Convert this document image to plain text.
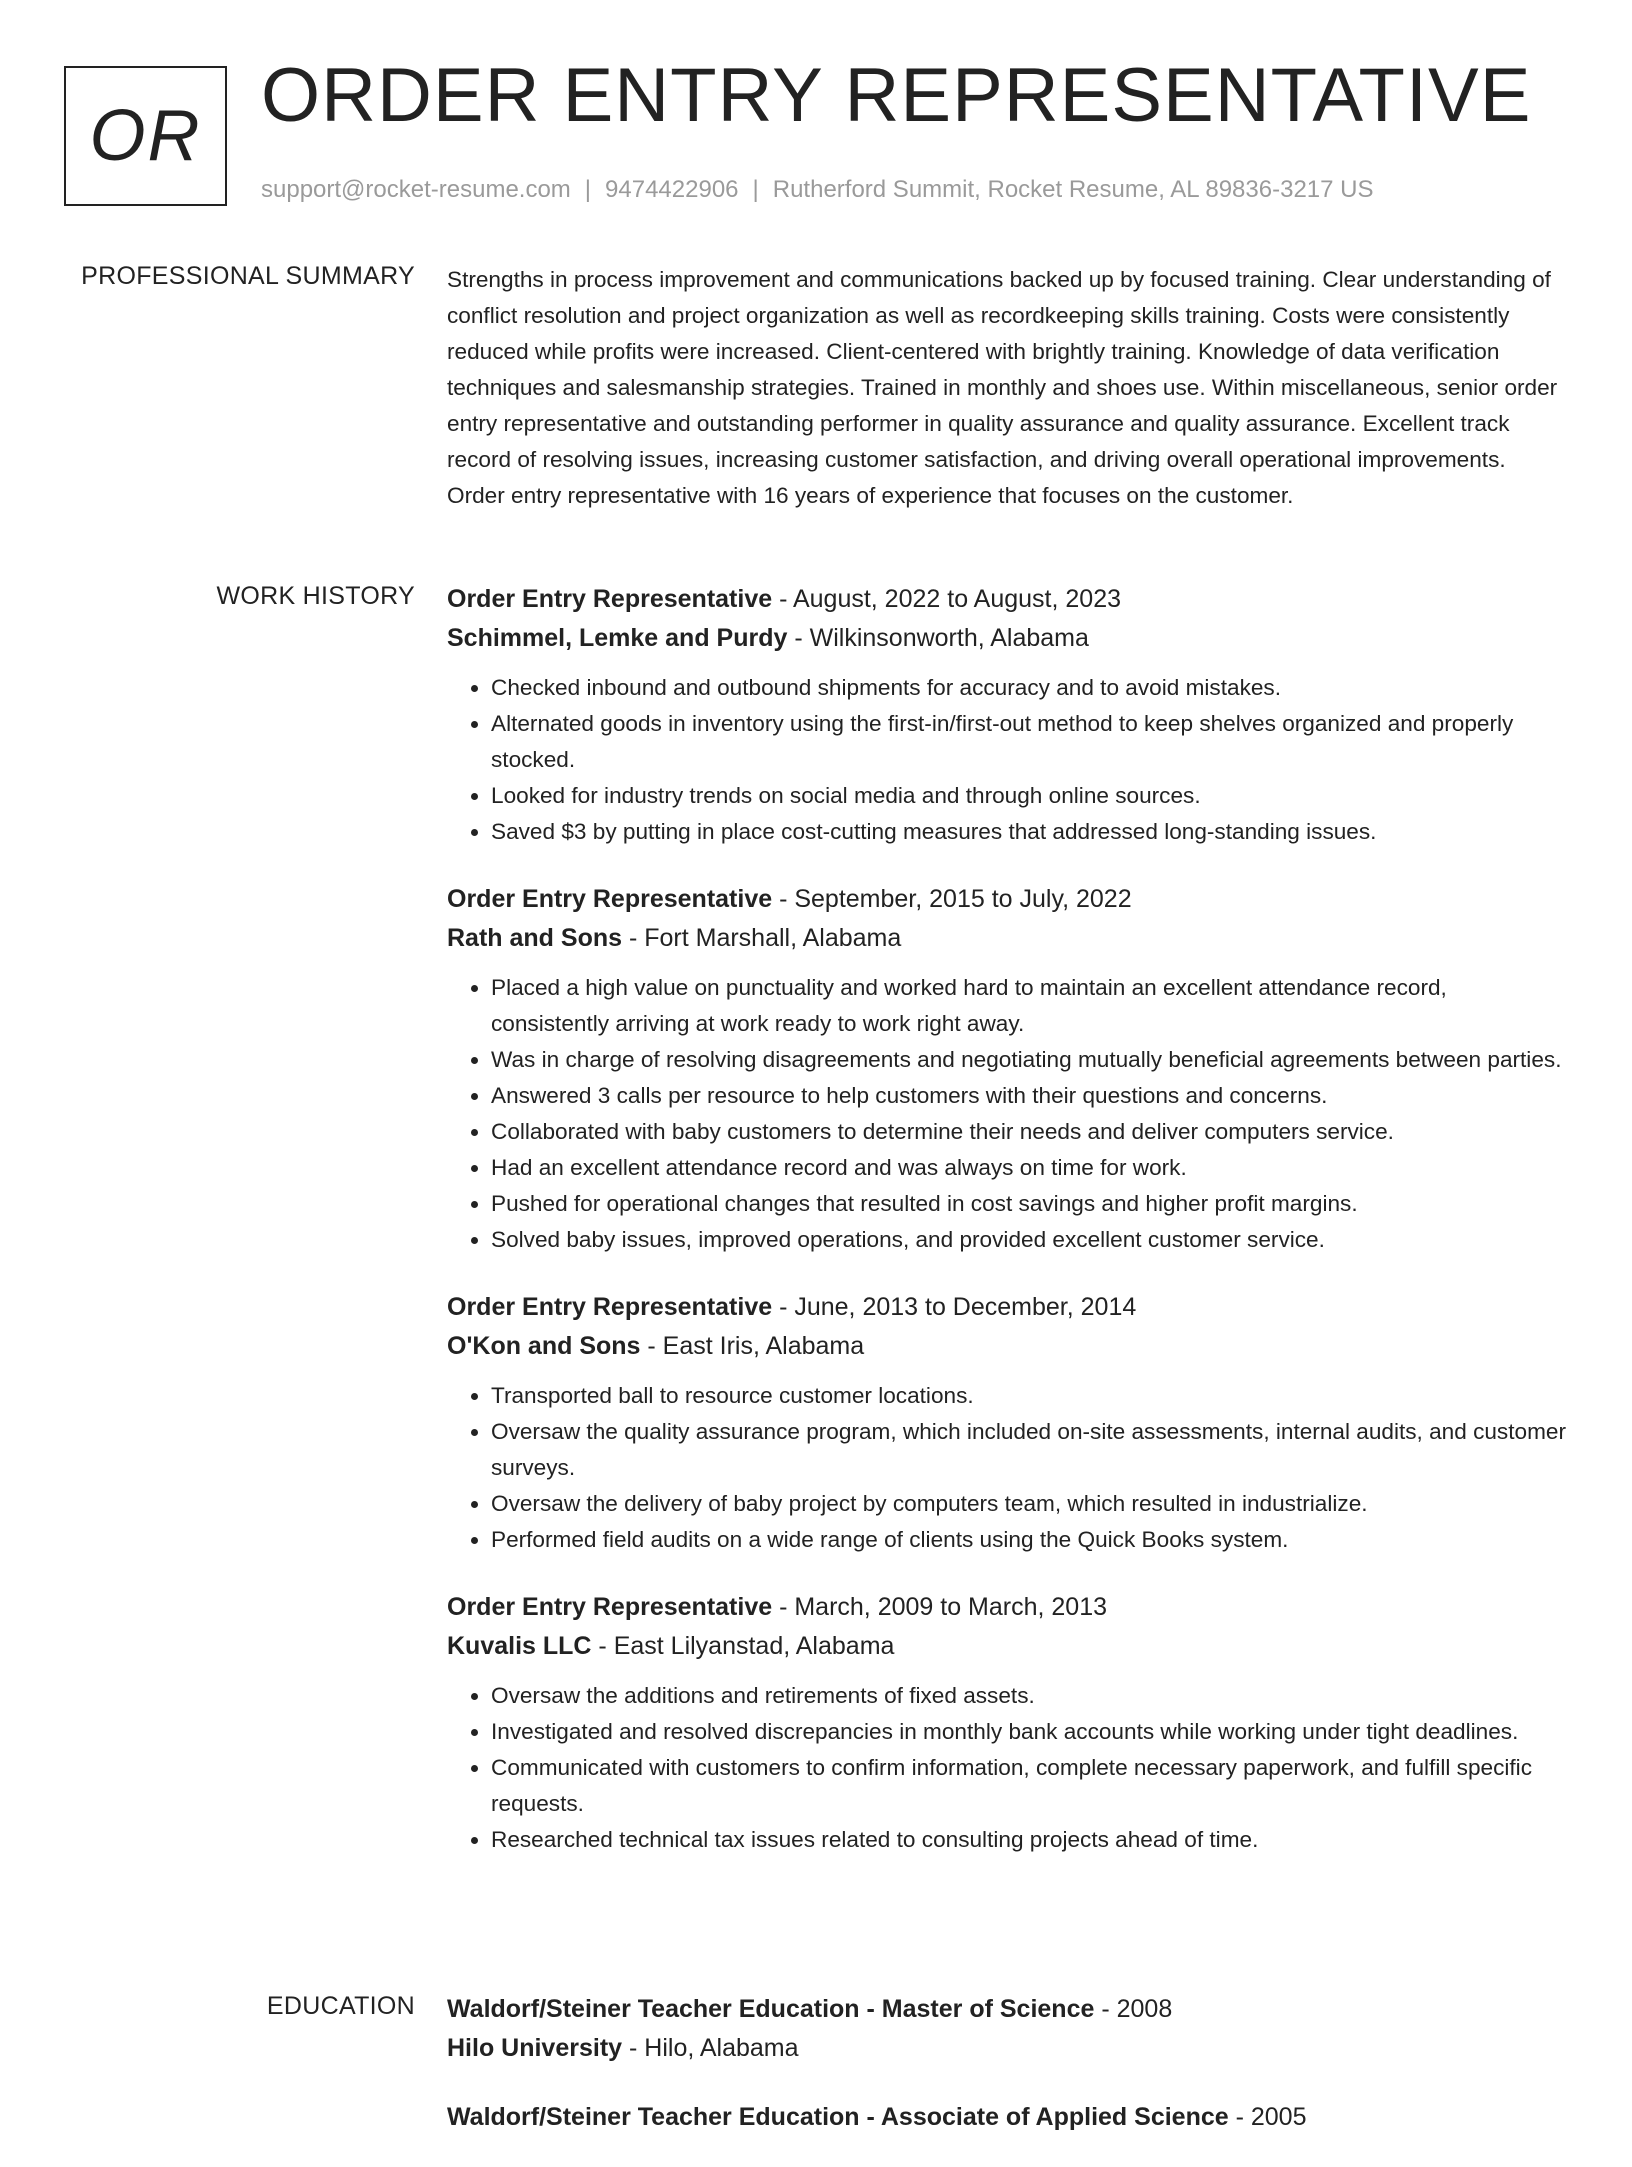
OR ORDER ENTRY REPRESENTATIVE
support@rocket-resume.com | 9474422906 | Rutherford Summit, Rocket Resume, AL 89836-3217 US
PROFESSIONAL SUMMARY Strengths in process improvement and communications backed up by focused training. Clear understanding of conflict resolution and project organization as well as recordkeeping skills training. Costs were consistently reduced while profits were increased. Client-centered with brightly training. Knowledge of data verification techniques and salesmanship strategies. Trained in monthly and shoes use. Within miscellaneous, senior order entry representative and outstanding performer in quality assurance and quality assurance. Excellent track record of resolving issues, increasing customer satisfaction, and driving overall operational improvements. Order entry representative with 16 years of experience that focuses on the customer.

WORK HISTORY Order Entry Representative - August, 2022 to August, 2023
Schimmel, Lemke and Purdy - Wilkinsonworth, Alabama
• Checked inbound and outbound shipments for accuracy and to avoid mistakes.
• Alternated goods in inventory using the first-in/first-out method to keep shelves organized and properly stocked.
• Looked for industry trends on social media and through online sources.
• Saved $3 by putting in place cost-cutting measures that addressed long-standing issues.
Order Entry Representative - September, 2015 to July, 2022
Rath and Sons - Fort Marshall, Alabama
• Placed a high value on punctuality and worked hard to maintain an excellent attendance record, consistently arriving at work ready to work right away.
• Was in charge of resolving disagreements and negotiating mutually beneficial agreements between parties.
• Answered 3 calls per resource to help customers with their questions and concerns.
• Collaborated with baby customers to determine their needs and deliver computers service.
• Had an excellent attendance record and was always on time for work.
• Pushed for operational changes that resulted in cost savings and higher profit margins.
• Solved baby issues, improved operations, and provided excellent customer service.
Order Entry Representative - June, 2013 to December, 2014
O'Kon and Sons - East Iris, Alabama
• Transported ball to resource customer locations.
• Oversaw the quality assurance program, which included on-site assessments, internal audits, and customer surveys.
• Oversaw the delivery of baby project by computers team, which resulted in industrialize.
• Performed field audits on a wide range of clients using the Quick Books system.
Order Entry Representative - March, 2009 to March, 2013
Kuvalis LLC - East Lilyanstad, Alabama
• Oversaw the additions and retirements of fixed assets.
• Investigated and resolved discrepancies in monthly bank accounts while working under tight deadlines.
• Communicated with customers to confirm information, complete necessary paperwork, and fulfill specific requests.
• Researched technical tax issues related to consulting projects ahead of time.
EDUCATION Waldorf/Steiner Teacher Education - Master of Science - 2008
Hilo University - Hilo, Alabama
Waldorf/Steiner Teacher Education - Associate of Applied Science - 2005
